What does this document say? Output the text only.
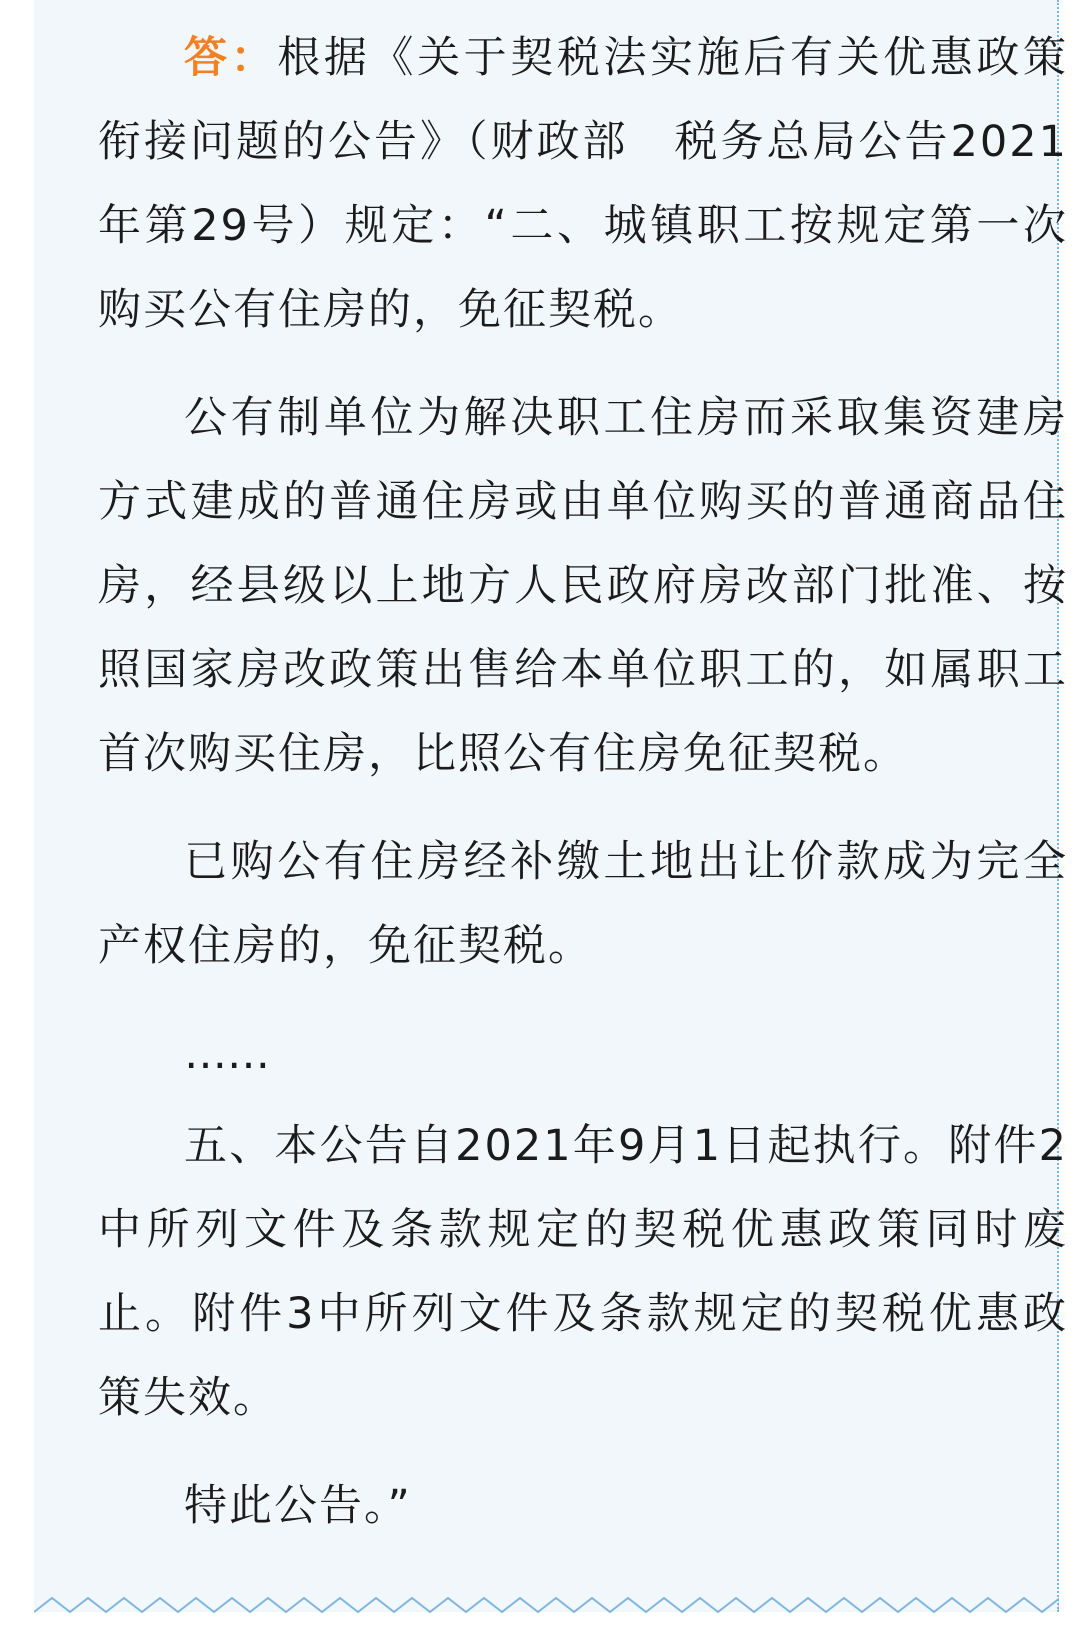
答：根据《关于契税法实施后有关优惠政策衔接问题的公告》（财政部　税务总局公告2021年第29号）规定：“二、城镇职工按规定第一次购买公有住房的，免征契税。

公有制单位为解决职工住房而采取集资建房方式建成的普通住房或由单位购买的普通商品住房，经县级以上地方人民政府房改部门批准、按照国家房改政策出售给本单位职工的，如属职工首次购买住房，比照公有住房免征契税。

已购公有住房经补缴土地出让价款成为完全产权住房的，免征契税。

……

五、本公告自2021年9月1日起执行。附件2中所列文件及条款规定的契税优惠政策同时废止。附件3中所列文件及条款规定的契税优惠政策失效。

特此公告。”
